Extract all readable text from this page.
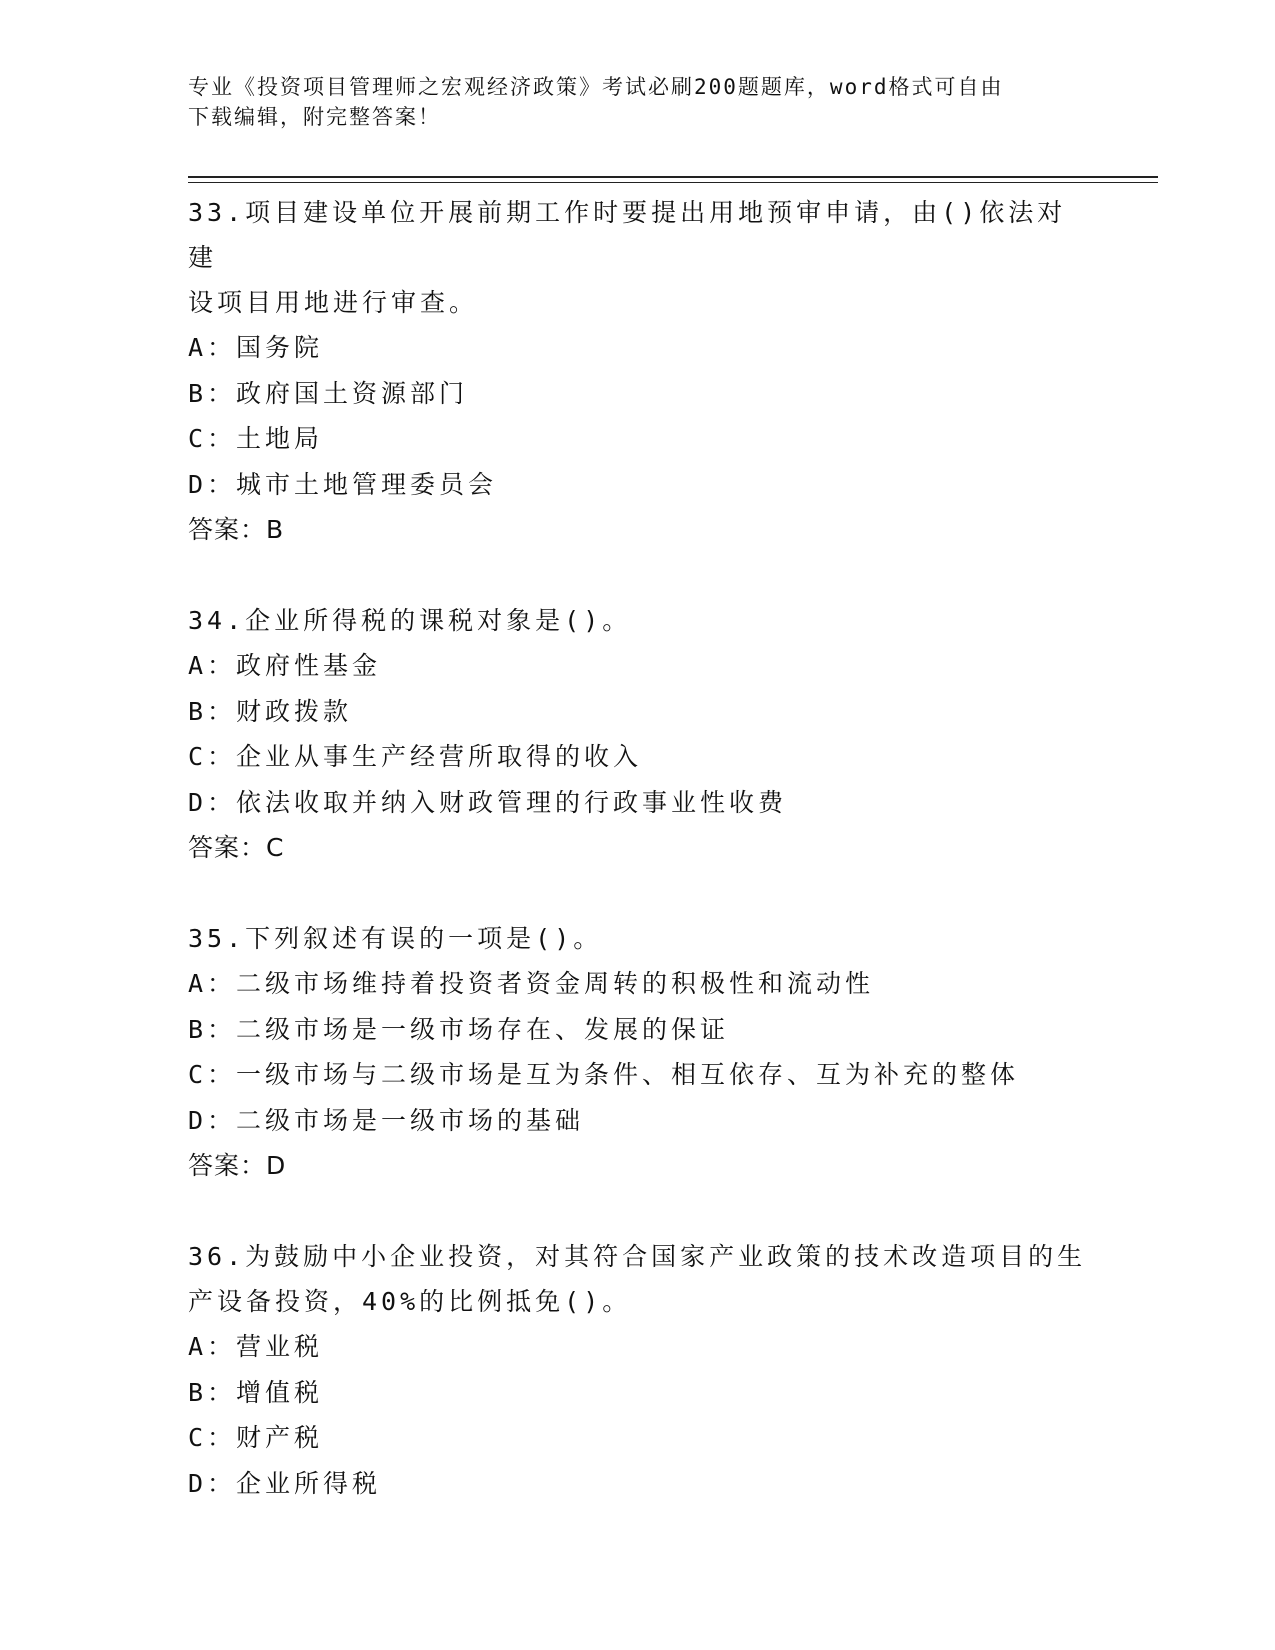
专业《投资项目管理师之宏观经济政策》考试必刷200题题库，word格式可自由
下载编辑，附完整答案！
33.项目建设单位开展前期工作时要提出用地预审申请，由()依法对建
设项目用地进行审查。
A：国务院
B：政府国土资源部门
C：土地局
D：城市土地管理委员会
答案：B
34.企业所得税的课税对象是()。
A：政府性基金
B：财政拨款
C：企业从事生产经营所取得的收入
D：依法收取并纳入财政管理的行政事业性收费
答案：C
35.下列叙述有误的一项是()。
A：二级市场维持着投资者资金周转的积极性和流动性
B：二级市场是一级市场存在、发展的保证
C：一级市场与二级市场是互为条件、相互依存、互为补充的整体
D：二级市场是一级市场的基础
答案：D
36.为鼓励中小企业投资，对其符合国家产业政策的技术改造项目的生
产设备投资，40%的比例抵免()。
A：营业税
B：增值税
C：财产税
D：企业所得税
